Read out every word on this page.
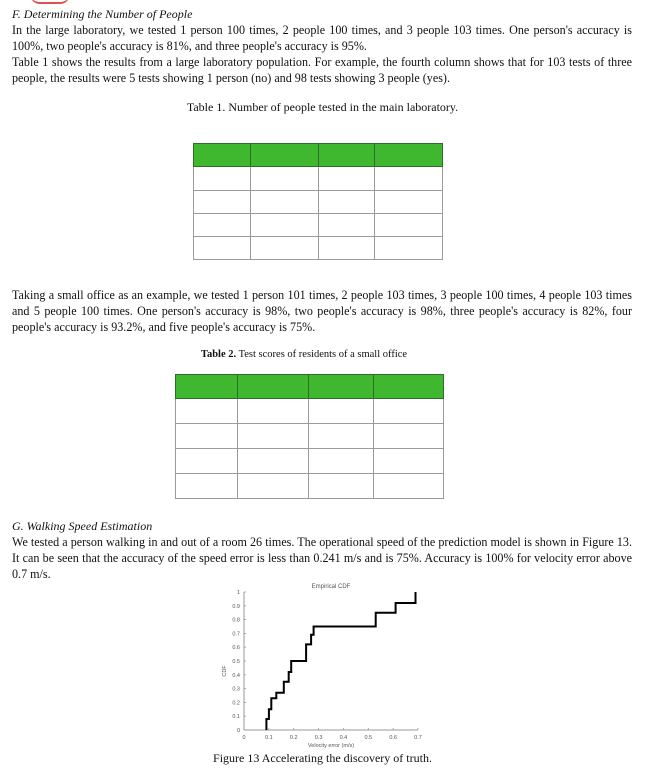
F. Determining the Number of People
In the large laboratory, we tested 1 person 100 times, 2 people 100 times, and 3 people 103 times. One person's accuracy is 100%, two people's accuracy is 81%, and three people's accuracy is 95%.
Table 1 shows the results from a large laboratory population. For example, the fourth column shows that for 103 tests of three people, the results were 5 tests showing 1 person (no) and 98 tests showing 3 people (yes).
Table 1. Number of people tested in the main laboratory.

Taking a small office as an example, we tested 1 person 101 times, 2 people 103 times, 3 people 100 times, 4 people 103 times and 5 people 100 times. One person's accuracy is 98%, two people's accuracy is 98%, three people's accuracy is 82%, four people's accuracy is 93.2%, and five people's accuracy is 75%.
Table 2. Test scores of residents of a small office

G. Walking Speed Estimation
We tested a person walking in and out of a room 26 times. The operational speed of the prediction model is shown in Figure 13. It can be seen that the accuracy of the speed error is less than 0.241 m/s and is 75%. Accuracy is 100% for velocity error above 0.7 m/s.
0	0.1	0.2	0.3	0.4	0.5	0.6	0.7
0
0.1
0.2
0.3
0.4
0.5
0.6
0.7
0.8
0.9
1
Empirical CDF
Velocity error (m/s)
CDF
Figure 13 Accelerating the discovery of truth.
